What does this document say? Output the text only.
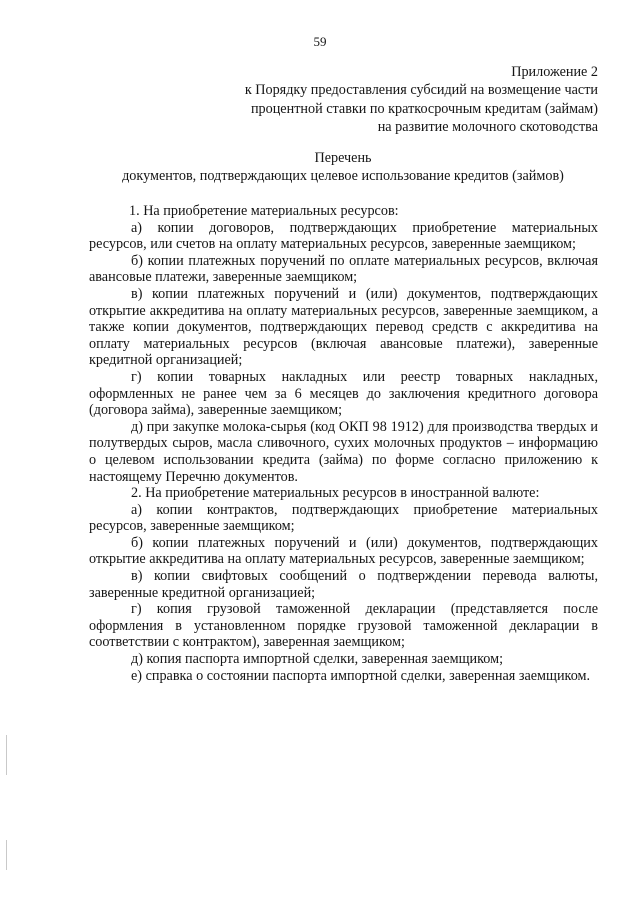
59
Приложение 2
к Порядку предоставления субсидий на возмещение части
процентной ставки по краткосрочным кредитам (займам)
на развитие молочного скотоводства
Перечень
документов, подтверждающих целевое использование кредитов (займов)

1. На приобретение материальных ресурсов:

а) копии договоров, подтверждающих приобретение материальных ресурсов, или счетов на оплату материальных ресурсов, заверенные заемщиком;

б) копии платежных поручений по оплате материальных ресурсов, включая авансовые платежи, заверенные заемщиком;

в) копии платежных поручений и (или) документов, подтверждающих открытие аккредитива на оплату материальных ресурсов, заверенные заемщиком, а также копии документов, подтверждающих перевод средств с аккредитива на оплату материальных ресурсов (включая авансовые платежи), заверенные кредитной организацией;

г) копии товарных накладных или реестр товарных накладных, оформленных не ранее чем за 6 месяцев до заключения кредитного договора (договора займа), заверенные заемщиком;

д) при закупке молока-сырья (код ОКП 98 1912) для производства твердых и полутвердых сыров, масла сливочного, сухих молочных продуктов – информацию о целевом использовании кредита (займа) по форме согласно приложению к настоящему Перечню документов.

2. На приобретение материальных ресурсов в иностранной валюте:

а) копии контрактов, подтверждающих приобретение материальных ресурсов, заверенные заемщиком;

б) копии платежных поручений и (или) документов, подтверждающих открытие аккредитива на оплату материальных ресурсов, заверенные заемщиком;

в) копии свифтовых сообщений о подтверждении перевода валюты, заверенные кредитной организацией;

г) копия грузовой таможенной декларации (представляется после оформления в установленном порядке грузовой таможенной декларации в соответствии с контрактом), заверенная заемщиком;

д) копия паспорта импортной сделки, заверенная заемщиком;

е) справка о состоянии паспорта импортной сделки, заверенная заемщиком.
